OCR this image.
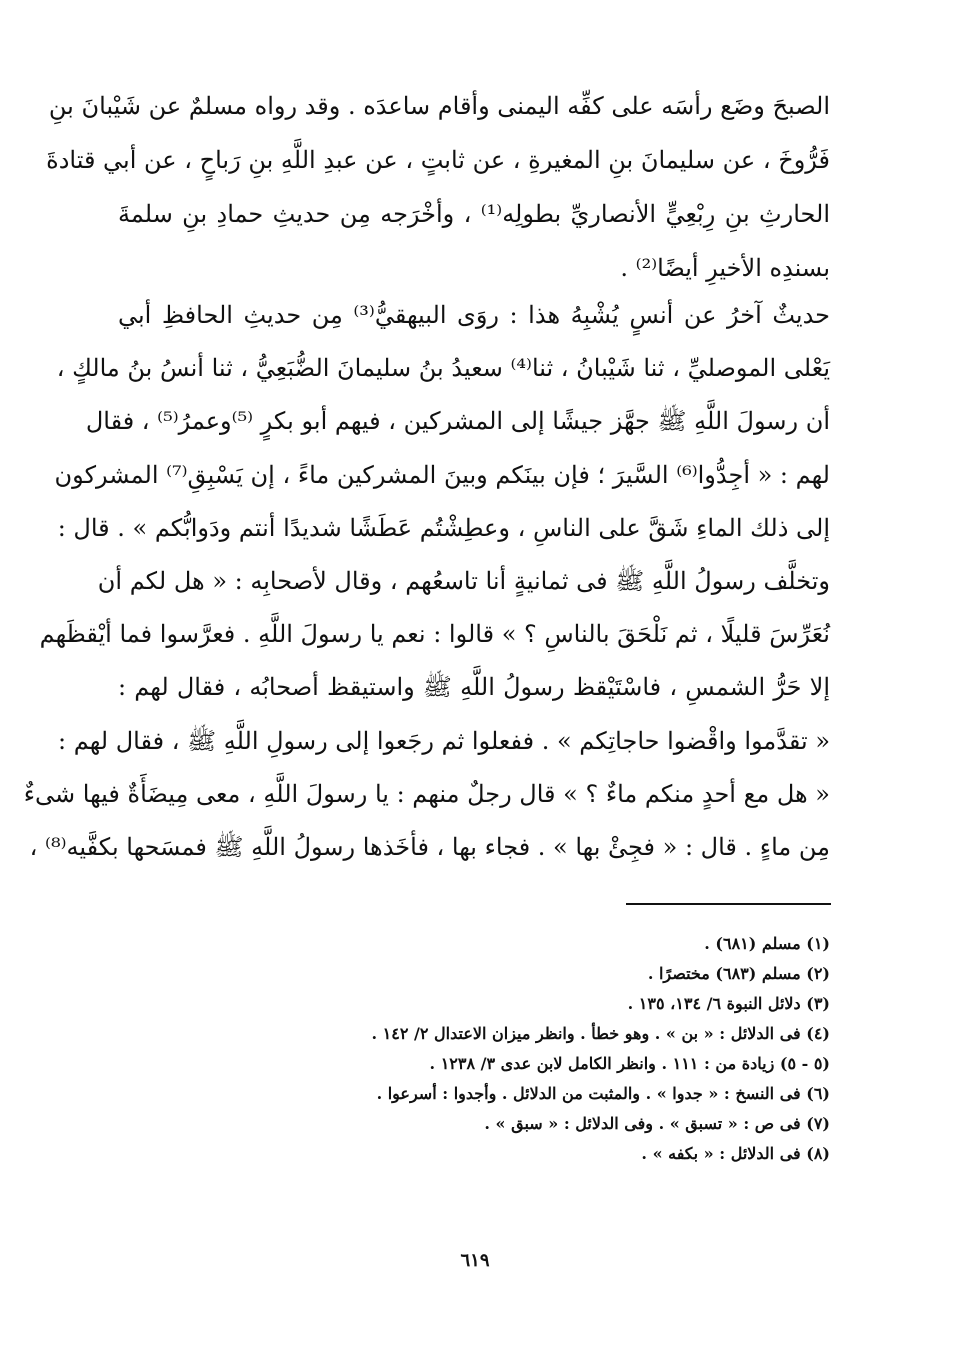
الصبحَ وضَع رأسَه على كفِّه اليمنى وأقام ساعدَه . وقد رواه مسلمٌ عن شَيْبانَ بنِ
فَرُّوخَ ، عن سليمانَ بنِ المغيرةِ ، عن ثابتٍ ، عن عبدِ اللَّهِ بنِ رَباحٍ ، عن أبي قتادةَ
الحارثِ بنِ رِبْعِيٍّ الأنصاريِّ بطولِه⁽¹⁾ ، وأخْرَجه مِن حديثِ حمادِ بنِ سلمةَ
بسندِه الأخيرِ أيضًا⁽²⁾ .
حديثٌ آخرُ عن أنسٍ يُشْبِهُ هذا : روَى البيهقيُّ⁽³⁾ مِن حديثِ الحافظِ أبي
يَعْلى الموصليِّ ، ثنا شَيْبانُ ، ثنا⁽⁴⁾ سعيدُ بنُ سليمانَ الضُّبَعِيُّ ، ثنا أنسُ بنُ مالكٍ ،
أن رسولَ اللَّهِ ﷺ جهَّز جيشًا إلى المشركين ، فيهم أبو بكرٍ ⁽⁵⁾وعمرُ⁽⁵⁾ ، فقال
لهم : « أجِدُّوا⁽⁶⁾ السَّيرَ ؛ فإن بينَكم وبينَ المشركين ماءً ، إن يَسْبِقِ⁽⁷⁾ المشركون
إلى ذلك الماءِ شَقَّ على الناسِ ، وعطِشْتُم عَطَشًا شديدًا أنتم ودَوابُّكم » . قال :
وتخلَّف رسولُ اللَّهِ ﷺ فى ثمانيةٍ أنا تاسعُهم ، وقال لأصحابِه : « هل لكم أن
نُعَرِّسَ قليلًا ، ثم نَلْحَقَ بالناسِ ؟ » قالوا : نعم يا رسولَ اللَّهِ . فعرَّسوا فما أيْقظَهم
إلا حَرُّ الشمسِ ، فاسْتَيْقظ رسولُ اللَّهِ ﷺ واستيقظ أصحابُه ، فقال لهم :
« تقدَّموا واقْضوا حاجاتِكم » . ففعلوا ثم رجَعوا إلى رسولِ اللَّهِ ﷺ ، فقال لهم :
« هل مع أحدٍ منكم ماءٌ ؟ » قال رجلٌ منهم : يا رسولَ اللَّهِ ، معى مِيضَأَةٌ فيها شىءٌ
مِن ماءٍ . قال : « فجِئْ بها » . فجاء بها ، فأخَذها رسولُ اللَّهِ ﷺ فمسَحها بكفَّيه⁽⁸⁾ ،
(١) مسلم (٦٨١) .
(٢) مسلم (٦٨٣) مختصرًا .
(٣) دلائل النبوة ٦/ ١٣٤، ١٣٥ .
(٤) فى الدلائل : « بن » . وهو خطأ . وانظر ميزان الاعتدال ٢/ ١٤٢ .
(٥ - ٥) زيادة من : ١١١ . وانظر الكامل لابن عدى ٣/ ١٢٣٨ .
(٦) فى النسخ : « جدوا » . والمثبت من الدلائل . وأجدوا : أسرعوا .
(٧) فى ص : « تسبق » . وفى الدلائل : « سبق » .
(٨) فى الدلائل : « بكفه » .
٦١٩
